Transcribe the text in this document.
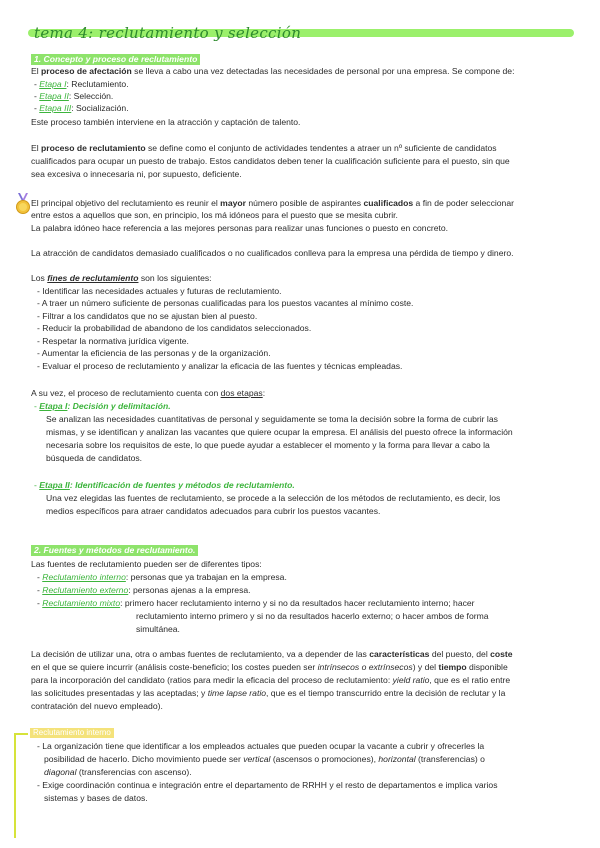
tema 4: reclutamiento y selección
1. Concepto y proceso de reclutamiento
El proceso de afectación se lleva a cabo una vez detectadas las necesidades de personal por una empresa. Se compone de:
- Etapa I: Reclutamiento.
- Etapa II: Selección.
- Etapa III: Socialización.
Este proceso también interviene en la atracción y captación de talento.
El proceso de reclutamiento se define como el conjunto de actividades tendentes a atraer un nº suficiente de candidatos
cualificados para ocupar un puesto de trabajo. Estos candidatos deben tener la cualificación suficiente para el puesto, sin que
sea excesiva o innecesaria ni, por supuesto, deficiente.
El principal objetivo del reclutamiento es reunir el mayor número posible de aspirantes cualificados a fin de poder seleccionar
entre estos a aquellos que son, en principio, los má idóneos para el puesto que se mesita cubrir.
La palabra idóneo hace referencia a las mejores personas para realizar unas funciones o puesto en concreto.
La atracción de candidatos demasiado cualificados o no cualificados conlleva para la empresa una pérdida de tiempo y dinero.
Los fines de reclutamiento son los siguientes:
- Identificar las necesidades actuales y futuras de reclutamiento.
- A traer un número suficiente de personas cualificadas para los puestos vacantes al mínimo coste.
- Filtrar a los candidatos que no se ajustan bien al puesto.
- Reducir la probabilidad de abandono de los candidatos seleccionados.
- Respetar la normativa jurídica vigente.
- Aumentar la eficiencia de las personas y de la organización.
- Evaluar el proceso de reclutamiento y analizar la eficacia de las fuentes y técnicas empleadas.
A su vez, el proceso de reclutamiento cuenta con dos etapas:
- Etapa I: Decisión y delimitación.
Se analizan las necesidades cuantitativas de personal y seguidamente se toma la decisión sobre la forma de cubrir las
mismas, y se identifican y analizan las vacantes que quiere ocupar la empresa. El análisis del puesto ofrece la información
necesaria sobre los requisitos de este, lo que puede ayudar a establecer el momento y la forma para llevar a cabo la
búsqueda de candidatos.
- Etapa II: Identificación de fuentes y métodos de reclutamiento.
Una vez elegidas las fuentes de reclutamiento, se procede a la selección de los métodos de reclutamiento, es decir, los
medios específicos para atraer candidatos adecuados para cubrir los puestos vacantes.
2. Fuentes y métodos de reclutamiento.
Las fuentes de reclutamiento pueden ser de diferentes tipos:
- Reclutamiento interno: personas que ya trabajan en la empresa.
- Reclutamiento externo: personas ajenas a la empresa.
- Reclutamiento mixto: primero hacer reclutamiento interno y si no da resultados hacer reclutamiento interno; hacer
reclutamiento interno primero y si no da resultados hacerlo externo; o hacer ambos de forma
simultánea.
La decisión de utilizar una, otra o ambas fuentes de reclutamiento, va a depender de las características del puesto, del coste
en el que se quiere incurrir (análisis coste-beneficio; los costes pueden ser intrínsecos o extrínsecos) y del tiempo disponible
para la incorporación del candidato (ratios para medir la eficacia del proceso de reclutamiento: yield ratio, que es el ratio entre
las solicitudes presentadas y las aceptadas; y time lapse ratio, que es el tiempo transcurrido entre la decisión de reclutar y la
contratación del nuevo empleado).
Reclutamiento interno
- La organización tiene que identificar a los empleados actuales que pueden ocupar la vacante a cubrir y ofrecerles la
posibilidad de hacerlo. Dicho movimiento puede ser vertical (ascensos o promociones), horizontal (transferencias) o
diagonal (transferencias con ascenso).
- Exige coordinación continua e integración entre el departamento de RRHH y el resto de departamentos e implica varios
sistemas y bases de datos.
